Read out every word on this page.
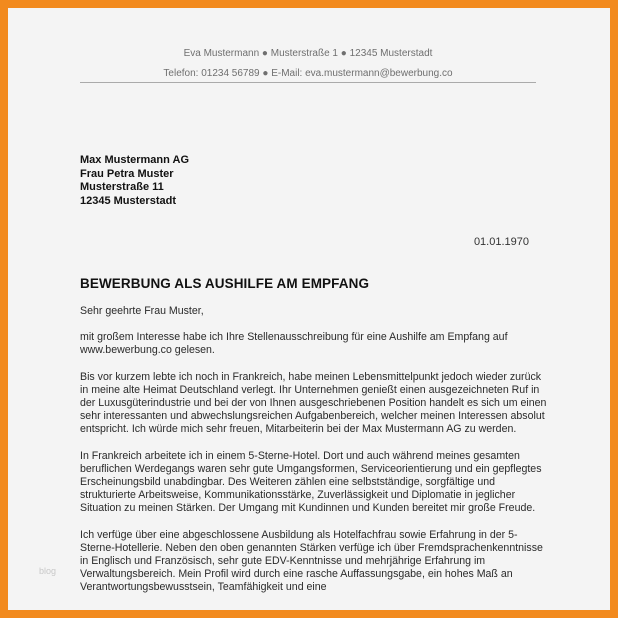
Eva Mustermann ● Musterstraße 1 ● 12345 Musterstadt
Telefon: 01234 56789 ● E-Mail: eva.mustermann@bewerbung.co
Max Mustermann AG
Frau Petra Muster
Musterstraße 11
12345 Musterstadt
01.01.1970
BEWERBUNG ALS AUSHILFE AM EMPFANG

Sehr geehrte Frau Muster,

mit großem Interesse habe ich Ihre Stellenausschreibung für eine Aushilfe am Empfang auf www.bewerbung.co gelesen.

Bis vor kurzem lebte ich noch in Frankreich, habe meinen Lebensmittelpunkt jedoch wieder zurück in meine alte Heimat Deutschland verlegt. Ihr Unternehmen genießt einen ausgezeichneten Ruf in der Luxusgüterindustrie und bei der von Ihnen ausgeschriebenen Position handelt es sich um einen sehr interessanten und abwechslungsreichen Aufgabenbereich, welcher meinen Interessen absolut entspricht. Ich würde mich sehr freuen, Mitarbeiterin bei der Max Mustermann AG zu werden.

In Frankreich arbeitete ich in einem 5-Sterne-Hotel. Dort und auch während meines gesamten beruflichen Werdegangs waren sehr gute Umgangsformen, Serviceorientierung und ein gepflegtes Erscheinungsbild unabdingbar. Des Weiteren zählen eine selbstständige, sorgfältige und strukturierte Arbeitsweise, Kommunikationsstärke, Zuverlässigkeit und Diplomatie in jeglicher Situation zu meinen Stärken. Der Umgang mit Kundinnen und Kunden bereitet mir große Freude.

Ich verfüge über eine abgeschlossene Ausbildung als Hotelfachfrau sowie Erfahrung in der 5-Sterne-Hotellerie. Neben den oben genannten Stärken verfüge ich über Fremdsprachenkenntnisse in Englisch und Französisch, sehr gute EDV-Kenntnisse und mehrjährige Erfahrung im Verwaltungsbereich. Mein Profil wird durch eine rasche Auffassungsgabe, ein hohes Maß an Verantwortungsbewusstsein, Teamfähigkeit und eine

blog
